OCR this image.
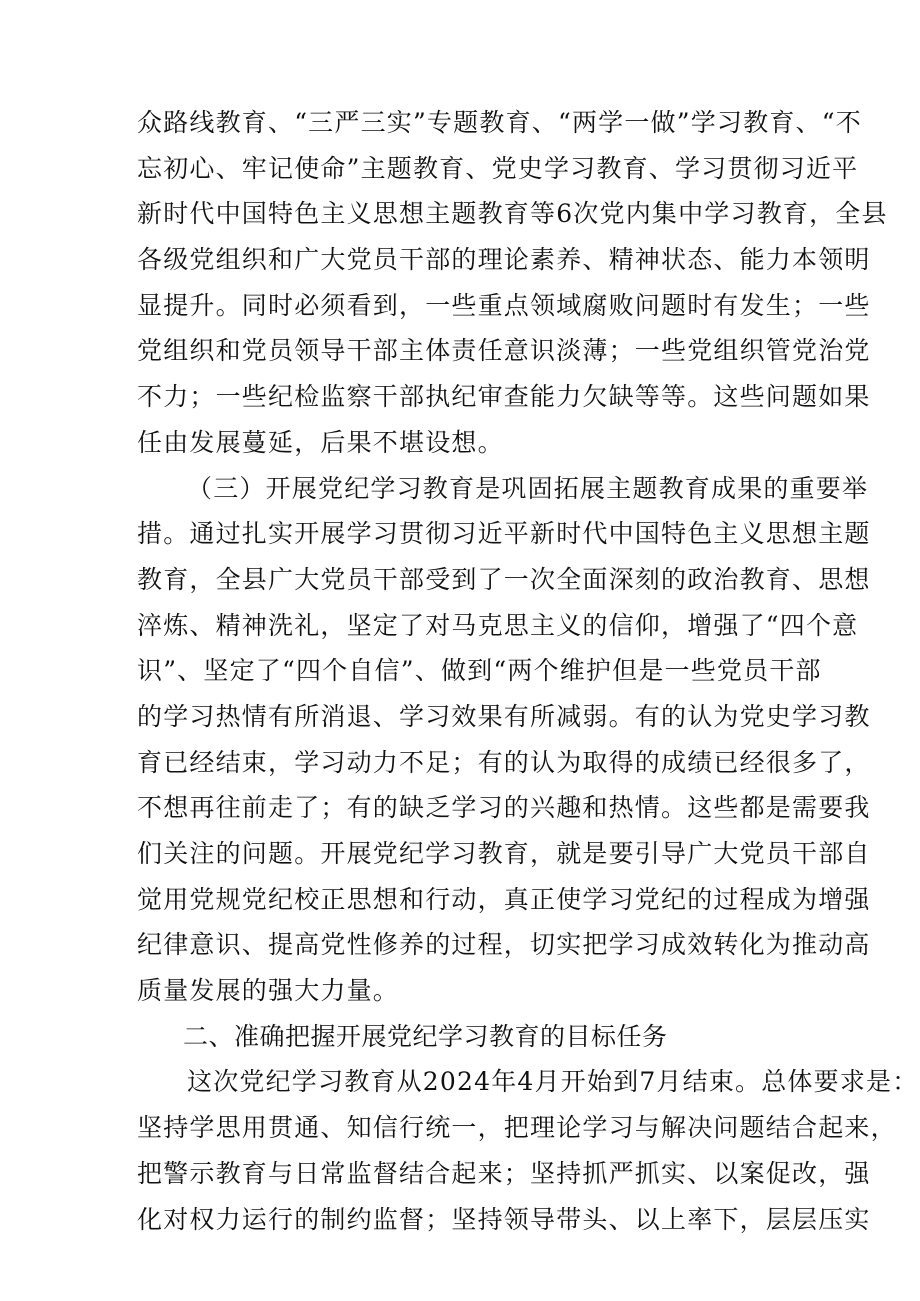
众路线教育、“三严三实”专题教育、“两学一做”学习教育、“不
忘初心、牢记使命”主题教育、党史学习教育、学习贯彻习近平
新时代中国特色主义思想主题教育等6次党内集中学习教育，全县
各级党组织和广大党员干部的理论素养、精神状态、能力本领明
显提升。同时必须看到，一些重点领域腐败问题时有发生；一些
党组织和党员领导干部主体责任意识淡薄；一些党组织管党治党
不力；一些纪检监察干部执纪审查能力欠缺等等。这些问题如果
任由发展蔓延，后果不堪设想。
（三）开展党纪学习教育是巩固拓展主题教育成果的重要举
措。通过扎实开展学习贯彻习近平新时代中国特色主义思想主题
教育，全县广大党员干部受到了一次全面深刻的政治教育、思想
淬炼、精神洗礼，坚定了对马克思主义的信仰，增强了“四个意
识”、坚定了“四个自信”、做到“两个维护但是一些党员干部
的学习热情有所消退、学习效果有所减弱。有的认为党史学习教
育已经结束，学习动力不足；有的认为取得的成绩已经很多了，
不想再往前走了；有的缺乏学习的兴趣和热情。这些都是需要我
们关注的问题。开展党纪学习教育，就是要引导广大党员干部自
觉用党规党纪校正思想和行动，真正使学习党纪的过程成为增强
纪律意识、提高党性修养的过程，切实把学习成效转化为推动高
质量发展的强大力量。
二、准确把握开展党纪学习教育的目标任务
这次党纪学习教育从2024年4月开始到7月结束。总体要求是：
坚持学思用贯通、知信行统一，把理论学习与解决问题结合起来，
把警示教育与日常监督结合起来；坚持抓严抓实、以案促改，强
化对权力运行的制约监督；坚持领导带头、以上率下，层层压实
